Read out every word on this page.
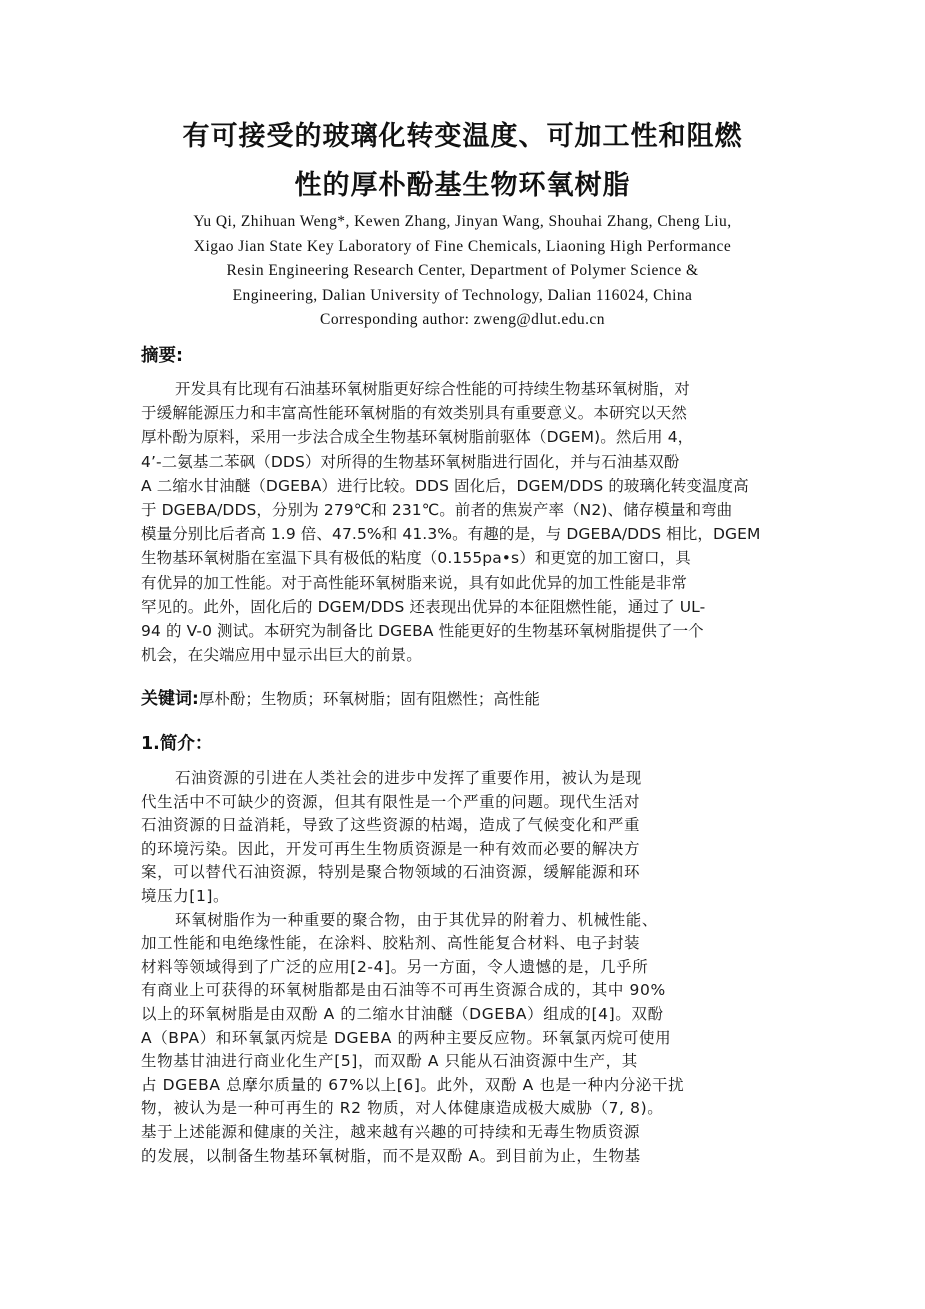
有可接受的玻璃化转变温度、可加工性和阻燃
性的厚朴酚基生物环氧树脂
Yu Qi, Zhihuan Weng*, Kewen Zhang, Jinyan Wang, Shouhai Zhang, Cheng Liu,
Xigao Jian State Key Laboratory of Fine Chemicals, Liaoning High Performance
Resin Engineering Research Center, Department of Polymer Science &
Engineering, Dalian University of Technology, Dalian 116024, China
Corresponding author: zweng@dlut.edu.cn
摘要:
开发具有比现有石油基环氧树脂更好综合性能的可持续生物基环氧树脂，对
于缓解能源压力和丰富高性能环氧树脂的有效类别具有重要意义。本研究以天然
厚朴酚为原料，采用一步法合成全生物基环氧树脂前驱体（DGEM)。然后用 4，
4’-二氨基二苯砜（DDS）对所得的生物基环氧树脂进行固化，并与石油基双酚
A 二缩水甘油醚（DGEBA）进行比较。DDS 固化后，DGEM/DDS 的玻璃化转变温度高
于 DGEBA/DDS，分别为 279℃和 231℃。前者的焦炭产率（N2)、储存模量和弯曲
模量分别比后者高 1.9 倍、47.5%和 41.3%。有趣的是，与 DGEBA/DDS 相比，DGEM
生物基环氧树脂在室温下具有极低的粘度（0.155pa•s）和更宽的加工窗口，具
有优异的加工性能。对于高性能环氧树脂来说，具有如此优异的加工性能是非常
罕见的。此外，固化后的 DGEM/DDS 还表现出优异的本征阻燃性能，通过了 UL-
94 的 V-0 测试。本研究为制备比 DGEBA 性能更好的生物基环氧树脂提供了一个
机会，在尖端应用中显示出巨大的前景。
关键词:厚朴酚；生物质；环氧树脂；固有阻燃性；高性能
1.简介：
石油资源的引进在人类社会的进步中发挥了重要作用，被认为是现
代生活中不可缺少的资源，但其有限性是一个严重的问题。现代生活对
石油资源的日益消耗，导致了这些资源的枯竭，造成了气候变化和严重
的环境污染。因此，开发可再生生物质资源是一种有效而必要的解决方
案，可以替代石油资源，特别是聚合物领域的石油资源，缓解能源和环
境压力[1]。
环氧树脂作为一种重要的聚合物，由于其优异的附着力、机械性能、
加工性能和电绝缘性能，在涂料、胶粘剂、高性能复合材料、电子封装
材料等领域得到了广泛的应用[2-4]。另一方面，令人遗憾的是，几乎所
有商业上可获得的环氧树脂都是由石油等不可再生资源合成的，其中 90%
以上的环氧树脂是由双酚 A 的二缩水甘油醚（DGEBA）组成的[4]。双酚
A（BPA）和环氧氯丙烷是 DGEBA 的两种主要反应物。环氧氯丙烷可使用
生物基甘油进行商业化生产[5]，而双酚 A 只能从石油资源中生产，其
占 DGEBA 总摩尔质量的 67%以上[6]。此外，双酚 A 也是一种内分泌干扰
物，被认为是一种可再生的 R2 物质，对人体健康造成极大威胁（7, 8)。
基于上述能源和健康的关注，越来越有兴趣的可持续和无毒生物质资源
的发展，以制备生物基环氧树脂，而不是双酚 A。到目前为止，生物基
